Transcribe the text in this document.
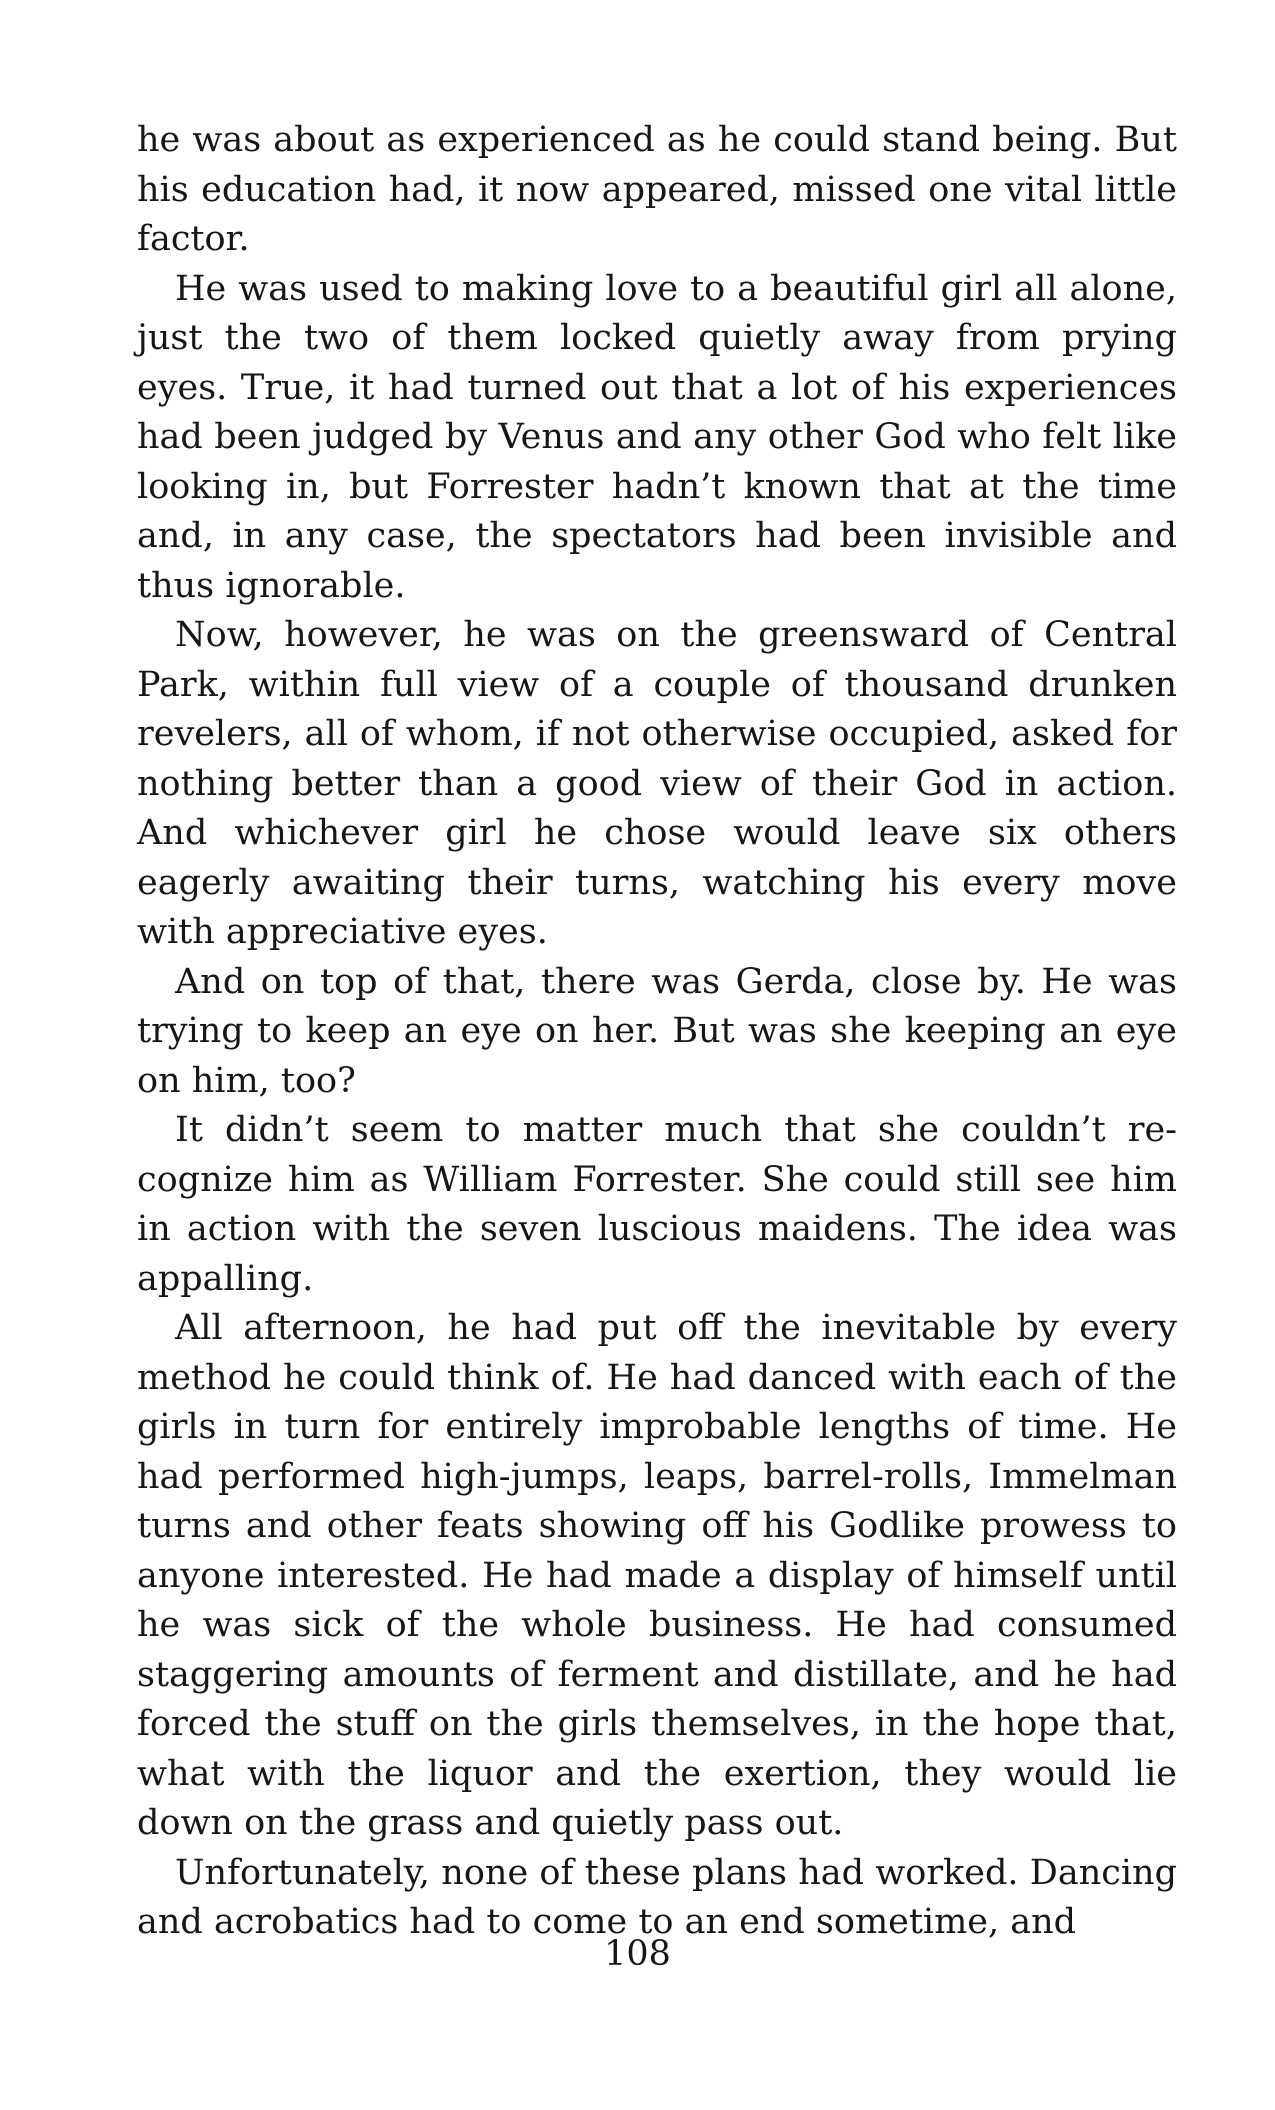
he was about as experienced as he could stand being. But his education had, it now appeared, missed one vital little factor.

He was used to making love to a beautiful girl all alone, just the two of them locked quietly away from prying eyes. True, it had turned out that a lot of his experiences had been judged by Venus and any other God who felt like looking in, but Forrester hadn’t known that at the time and, in any case, the spectators had been invisible and thus ignorable.

Now, however, he was on the greensward of Central Park, within full view of a couple of thousand drunken revelers, all of whom, if not otherwise occupied, asked for nothing better than a good view of their God in action. And whichever girl he chose would leave six others eagerly awaiting their turns, watching his every move with appreciative eyes.

And on top of that, there was Gerda, close by. He was trying to keep an eye on her. But was she keeping an eye on him, too?

It didn’t seem to matter much that she couldn’t recognize him as William Forrester. She could still see him in action with the seven luscious maidens. The idea was appalling.

All afternoon, he had put off the inevitable by every method he could think of. He had danced with each of the girls in turn for entirely improbable lengths of time. He had performed high-jumps, leaps, barrel-rolls, Immelman turns and other feats showing off his Godlike prowess to anyone interested. He had made a display of himself until he was sick of the whole business. He had consumed staggering amounts of ferment and distillate, and he had forced the stuff on the girls themselves, in the hope that, what with the liquor and the exertion, they would lie down on the grass and quietly pass out.

Unfortunately, none of these plans had worked. Dancing and acrobatics had to come to an end sometime, and

108
